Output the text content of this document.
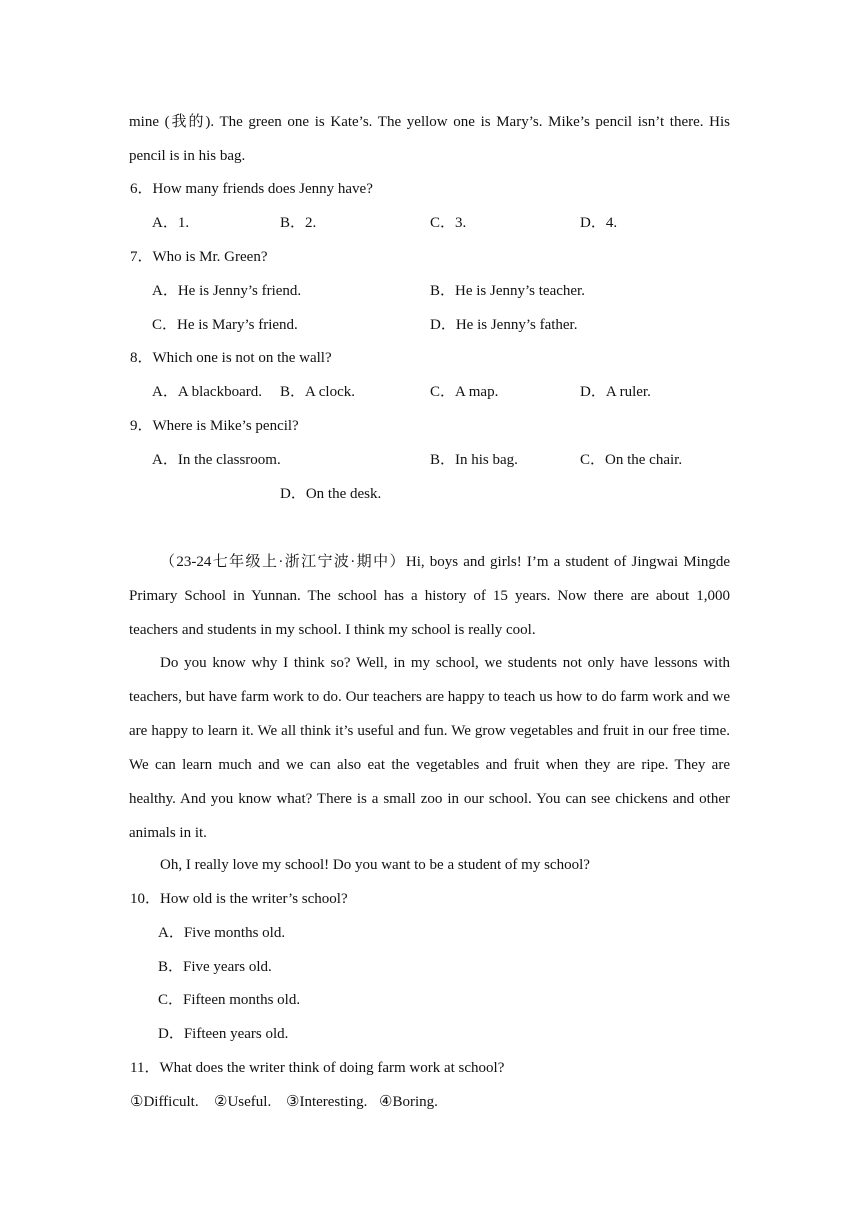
mine (我的). The green one is Kate’s. The yellow one is Mary’s. Mike’s pencil isn’t there. His pencil is in his bag.

6．How many friends does Jenny have?
A．1.	B．2.	C．3.	D．4.
7．Who is Mr. Green?
A．He is Jenny’s friend.	B．He is Jenny’s teacher.
C．He is Mary’s friend.	D．He is Jenny’s father.
8．Which one is not on the wall?
A．A blackboard. B．A clock.	C．A map.	D．A ruler.
9．Where is Mike’s pencil?
A．In the classroom.	B．In his bag.	C．On the chair.
D．On the desk.

（23-24七年级上·浙江宁波·期中）Hi, boys and girls! I’m a student of Jingwai Mingde Primary School in Yunnan. The school has a history of 15 years. Now there are about 1,000 teachers and students in my school. I think my school is really cool.

Do you know why I think so? Well, in my school, we students not only have lessons with teachers, but have farm work to do. Our teachers are happy to teach us how to do farm work and we are happy to learn it. We all think it’s useful and fun. We grow vegetables and fruit in our free time. We can learn much and we can also eat the vegetables and fruit when they are ripe. They are healthy. And you know what? There is a small zoo in our school. You can see chickens and other animals in it.

Oh, I really love my school! Do you want to be a student of my school?

10．How old is the writer’s school?
A．Five months old.
B．Five years old.
C．Fifteen months old.
D．Fifteen years old.
11．What does the writer think of doing farm work at school?
①Difficult. ②Useful. ③Interesting. ④Boring.
